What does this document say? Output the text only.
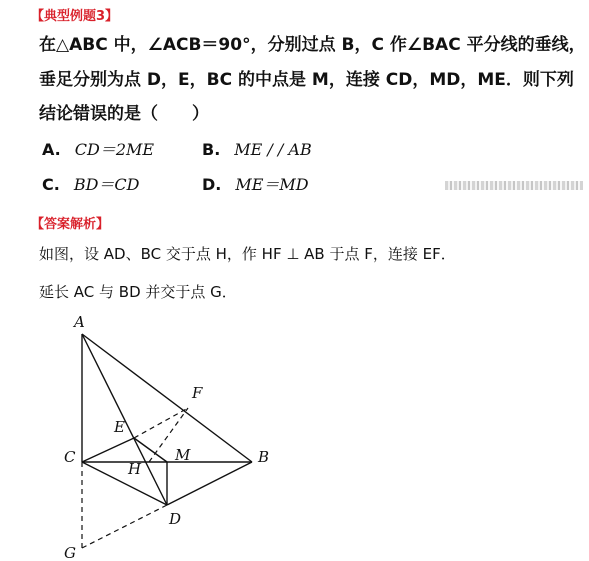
【典型例题3】
在△ABC 中，∠ACB＝90°，分别过点 B，C 作∠BAC 平分线的垂线，
垂足分别为点 D，E，BC 的中点是 M，连接 CD，MD，ME．则下列
结论错误的是（　　）
A. CD＝2ME	B. ME / / AB
C. BD＝CD	D. ME＝MD
【答案解析】
如图，设 AD、BC 交于点 H，作 HF ⊥ AB 于点 F，连接 EF．
延长 AC 与 BD 并交于点 G．
A
F
E
C
H
M	B
D
G
